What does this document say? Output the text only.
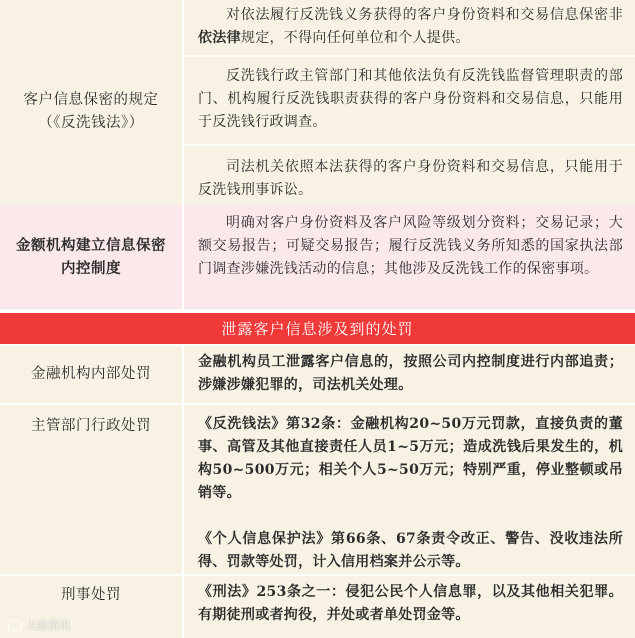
客户信息保密的规定
（《反洗钱法》）
对依法履行反洗钱义务获得的客户身份资料和交易信息保密非依法律规定，不得向任何单位和个人提供。
反洗钱行政主管部门和其他依法负有反洗钱监督管理职责的部门、机构履行反洗钱职责获得的客户身份资料和交易信息，只能用于反洗钱行政调查。
司法机关依照本法获得的客户身份资料和交易信息，只能用于反洗钱刑事诉讼。
金额机构建立信息保密内控制度
明确对客户身份资料及客户风险等级划分资料；交易记录；大额交易报告；可疑交易报告；履行反洗钱义务所知悉的国家执法部门调查涉嫌洗钱活动的信息；其他涉及反洗钱工作的保密事项。
泄露客户信息涉及到的处罚
金融机构内部处罚
金融机构员工泄露客户信息的，按照公司内控制度进行内部追责；涉嫌涉嫌犯罪的，司法机关处理。
主管部门行政处罚	《反洗钱法》第32条：金融机构20~50万元罚款，直接负责的董事、高管及其他直接责任人员1~5万元；造成洗钱后果发生的，机构50~500万元；相关个人5~50万元；特别严重，停业整顿或吊销等。
《个人信息保护法》第66条、67条责令改正、警告、没收违法所得、罚款等处罚，计入信用档案并公示等。
刑事处罚	《刑法》253条之一：侵犯公民个人信息罪，以及其他相关犯罪。有期徒刑或者拘役，并处或者单处罚金等。
大政资讯
